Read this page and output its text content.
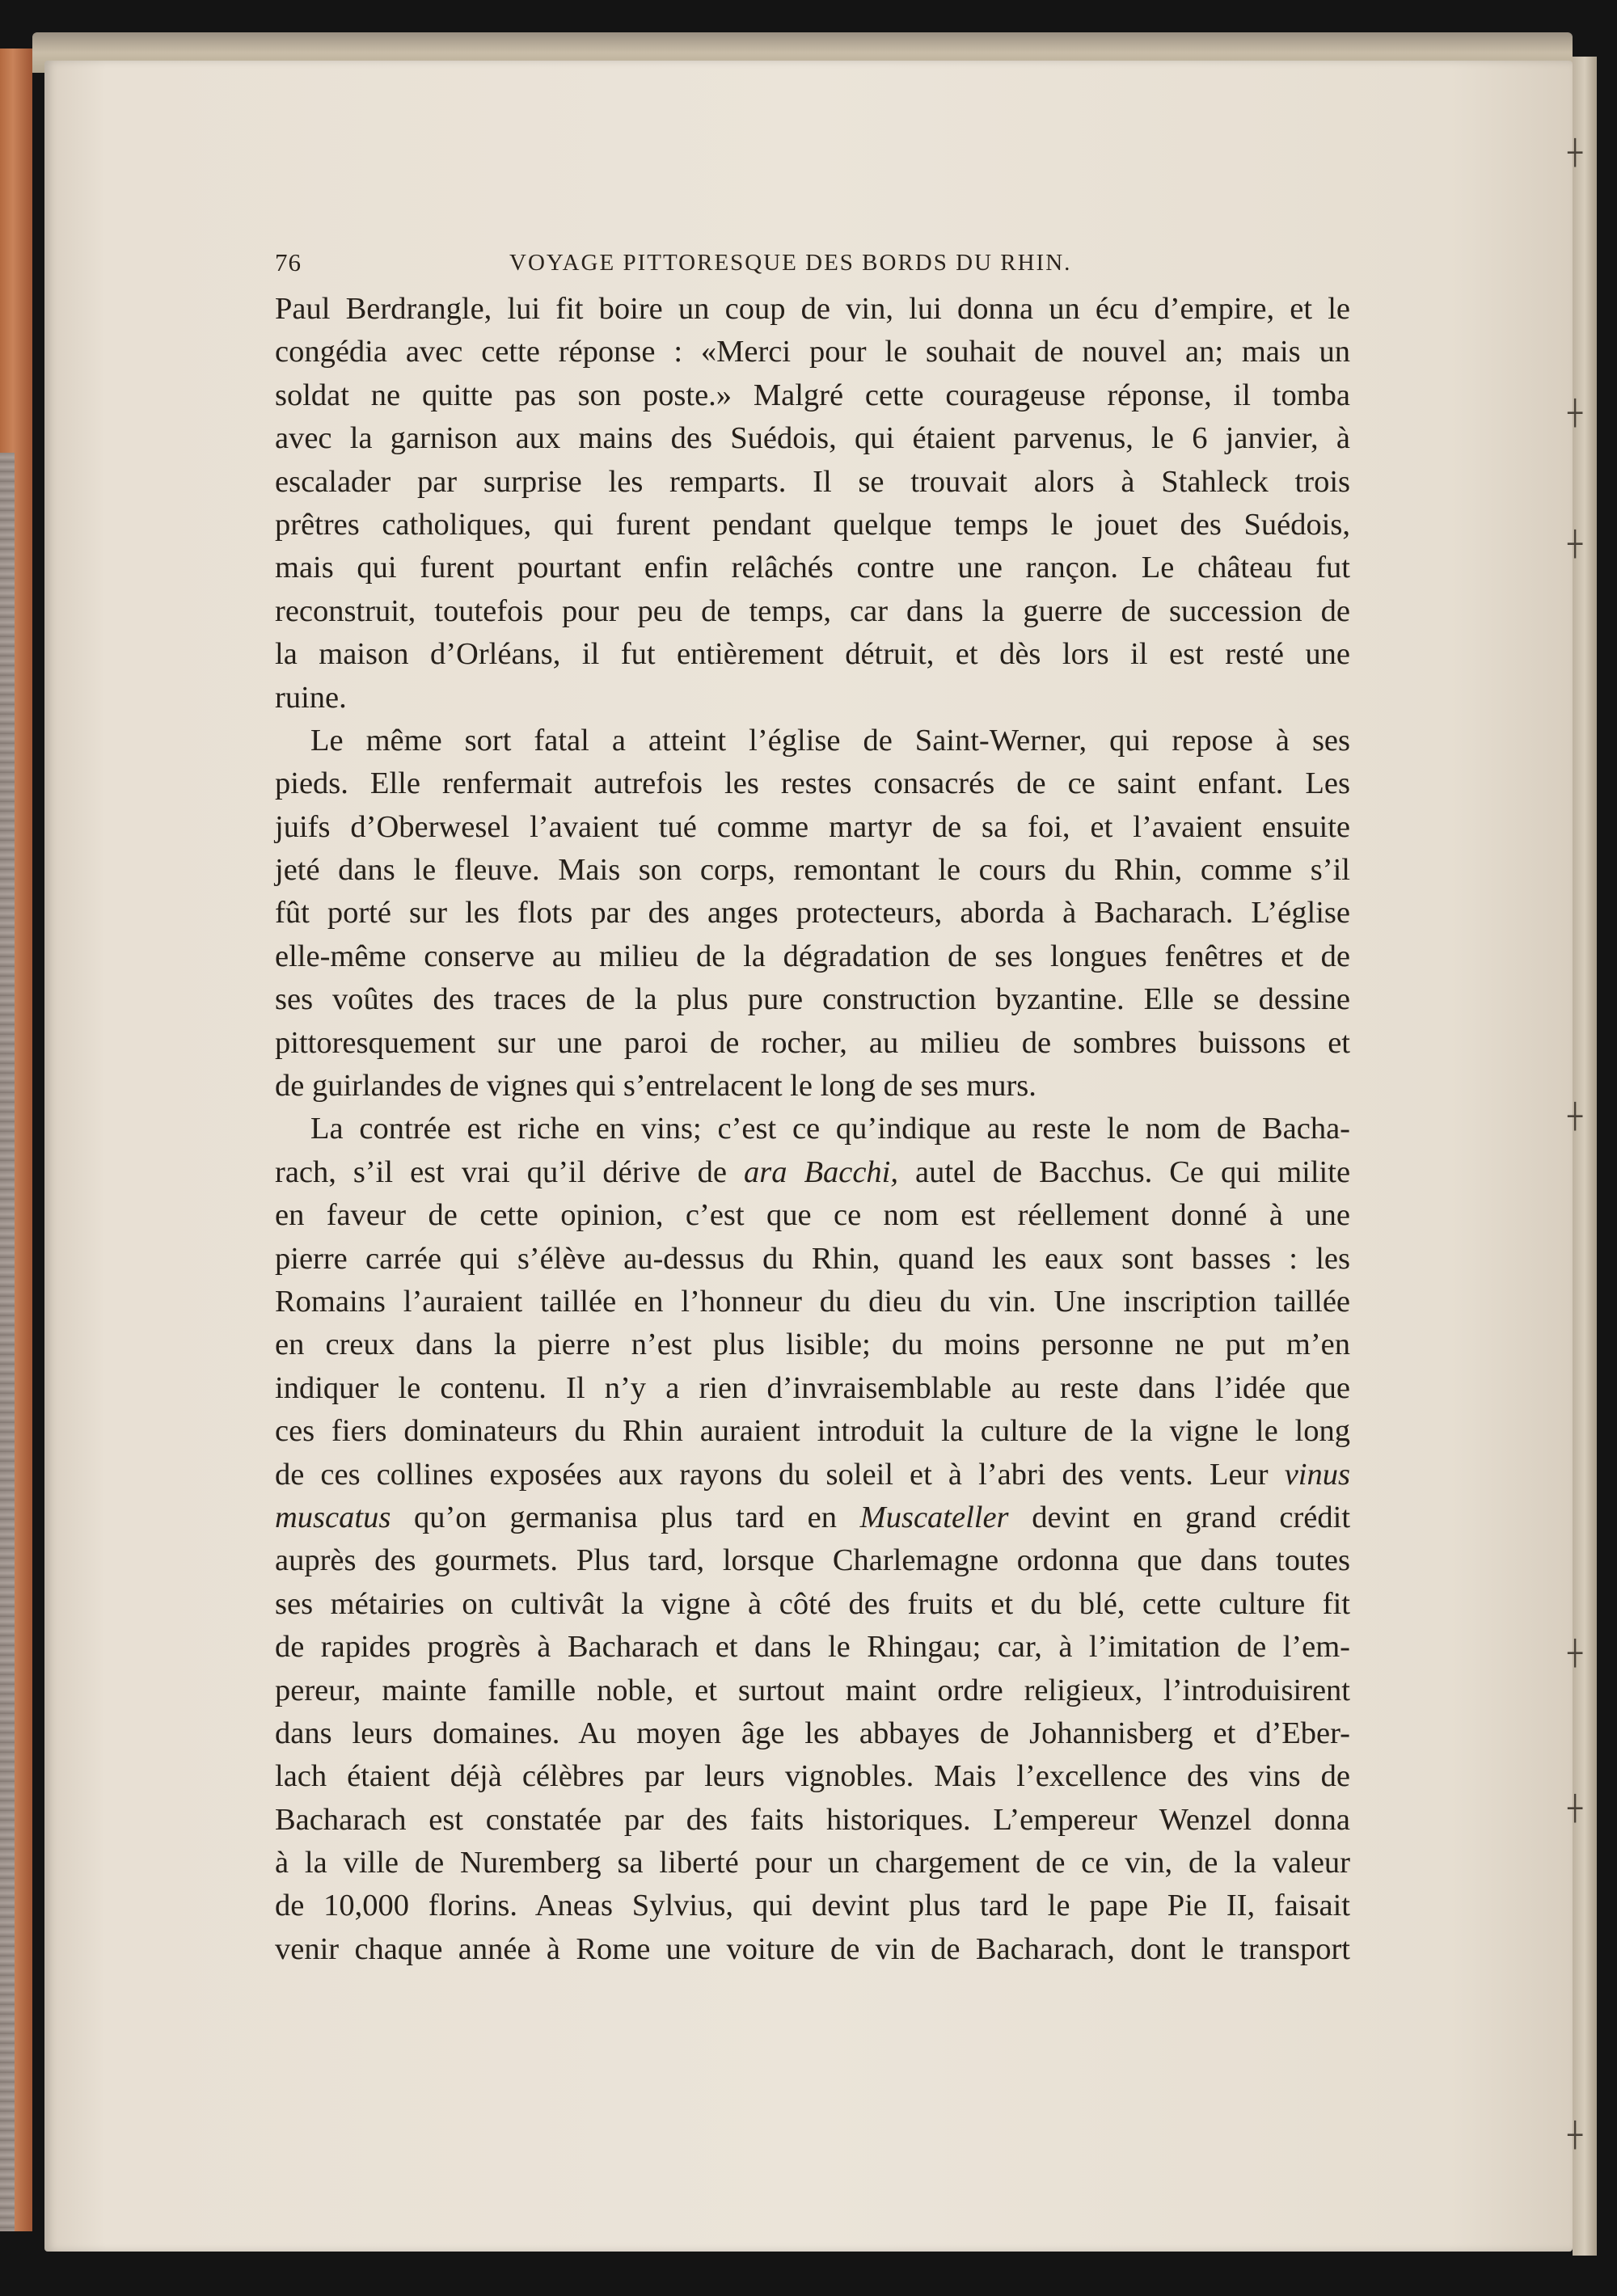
┼
┼
┼
┼
┼
┼
┼
76	VOYAGE PITTORESQUE DES BORDS DU RHIN.
Paul Berdrangle, lui fit boire un coup de vin, lui donna un écu d’empire, et le
congédia avec cette réponse : «Merci pour le souhait de nouvel an; mais un
soldat ne quitte pas son poste.» Malgré cette courageuse réponse, il tomba
avec la garnison aux mains des Suédois, qui étaient parvenus, le 6 janvier, à
escalader par surprise les remparts. Il se trouvait alors à Stahleck trois
prêtres catholiques, qui furent pendant quelque temps le jouet des Suédois,
mais qui furent pourtant enfin relâchés contre une rançon. Le château fut
reconstruit, toutefois pour peu de temps, car dans la guerre de succession de
la maison d’Orléans, il fut entièrement détruit, et dès lors il est resté une
ruine.
Le même sort fatal a atteint l’église de Saint-Werner, qui repose à ses
pieds. Elle renfermait autrefois les restes consacrés de ce saint enfant. Les
juifs d’Oberwesel l’avaient tué comme martyr de sa foi, et l’avaient ensuite
jeté dans le fleuve. Mais son corps, remontant le cours du Rhin, comme s’il
fût porté sur les flots par des anges protecteurs, aborda à Bacharach. L’église
elle-même conserve au milieu de la dégradation de ses longues fenêtres et de
ses voûtes des traces de la plus pure construction byzantine. Elle se dessine
pittoresquement sur une paroi de rocher, au milieu de sombres buissons et
de guirlandes de vignes qui s’entrelacent le long de ses murs.
La contrée est riche en vins; c’est ce qu’indique au reste le nom de Bacha-
rach, s’il est vrai qu’il dérive de ara Bacchi, autel de Bacchus. Ce qui milite
en faveur de cette opinion, c’est que ce nom est réellement donné à une
pierre carrée qui s’élève au-dessus du Rhin, quand les eaux sont basses : les
Romains l’auraient taillée en l’honneur du dieu du vin. Une inscription taillée
en creux dans la pierre n’est plus lisible; du moins personne ne put m’en
indiquer le contenu. Il n’y a rien d’invraisemblable au reste dans l’idée que
ces fiers dominateurs du Rhin auraient introduit la culture de la vigne le long
de ces collines exposées aux rayons du soleil et à l’abri des vents. Leur vinus
muscatus qu’on germanisa plus tard en Muscateller devint en grand crédit
auprès des gourmets. Plus tard, lorsque Charlemagne ordonna que dans toutes
ses métairies on cultivât la vigne à côté des fruits et du blé, cette culture fit
de rapides progrès à Bacharach et dans le Rhingau; car, à l’imitation de l’em-
pereur, mainte famille noble, et surtout maint ordre religieux, l’introduisirent
dans leurs domaines. Au moyen âge les abbayes de Johannisberg et d’Eber-
lach étaient déjà célèbres par leurs vignobles. Mais l’excellence des vins de
Bacharach est constatée par des faits historiques. L’empereur Wenzel donna
à la ville de Nuremberg sa liberté pour un chargement de ce vin, de la valeur
de 10,000 florins. Aneas Sylvius, qui devint plus tard le pape Pie II, faisait
venir chaque année à Rome une voiture de vin de Bacharach, dont le transport
